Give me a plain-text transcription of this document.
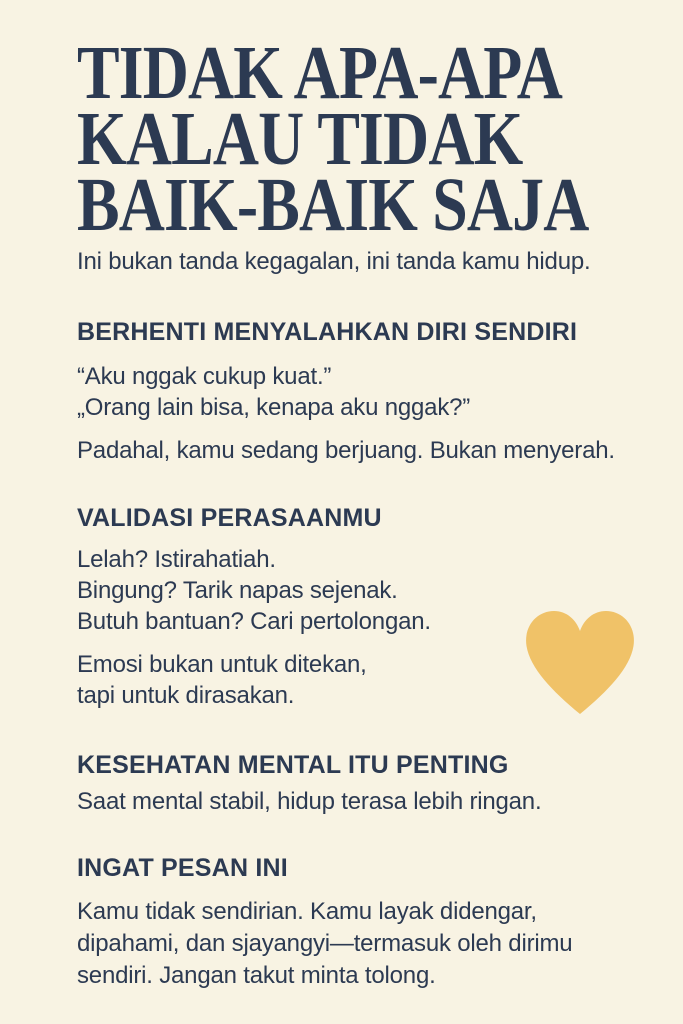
TIDAK APA-APA
KALAU TIDAK
BAIK-BAIK SAJA

Ini bukan tanda kegagalan, ini tanda kamu hidup.

BERHENTI MENYALAHKAN DIRI SENDIRI
“Aku nggak cukup kuat.”
„Orang lain bisa, kenapa aku nggak?”
Padahal, kamu sedang berjuang. Bukan menyerah.
VALIDASI PERASAANMU
Lelah? Istirahatiah.
Bingung? Tarik napas sejenak.
Butuh bantuan? Cari pertolongan.
Emosi bukan untuk ditekan,
tapi untuk dirasakan.
KESEHATAN MENTAL ITU PENTING
Saat mental stabil, hidup terasa lebih ringan.
INGAT PESAN INI
Kamu tidak sendirian. Kamu layak didengar,
dipahami, dan sjayangyi—termasuk oleh dirimu
sendiri. Jangan takut minta tolong.
